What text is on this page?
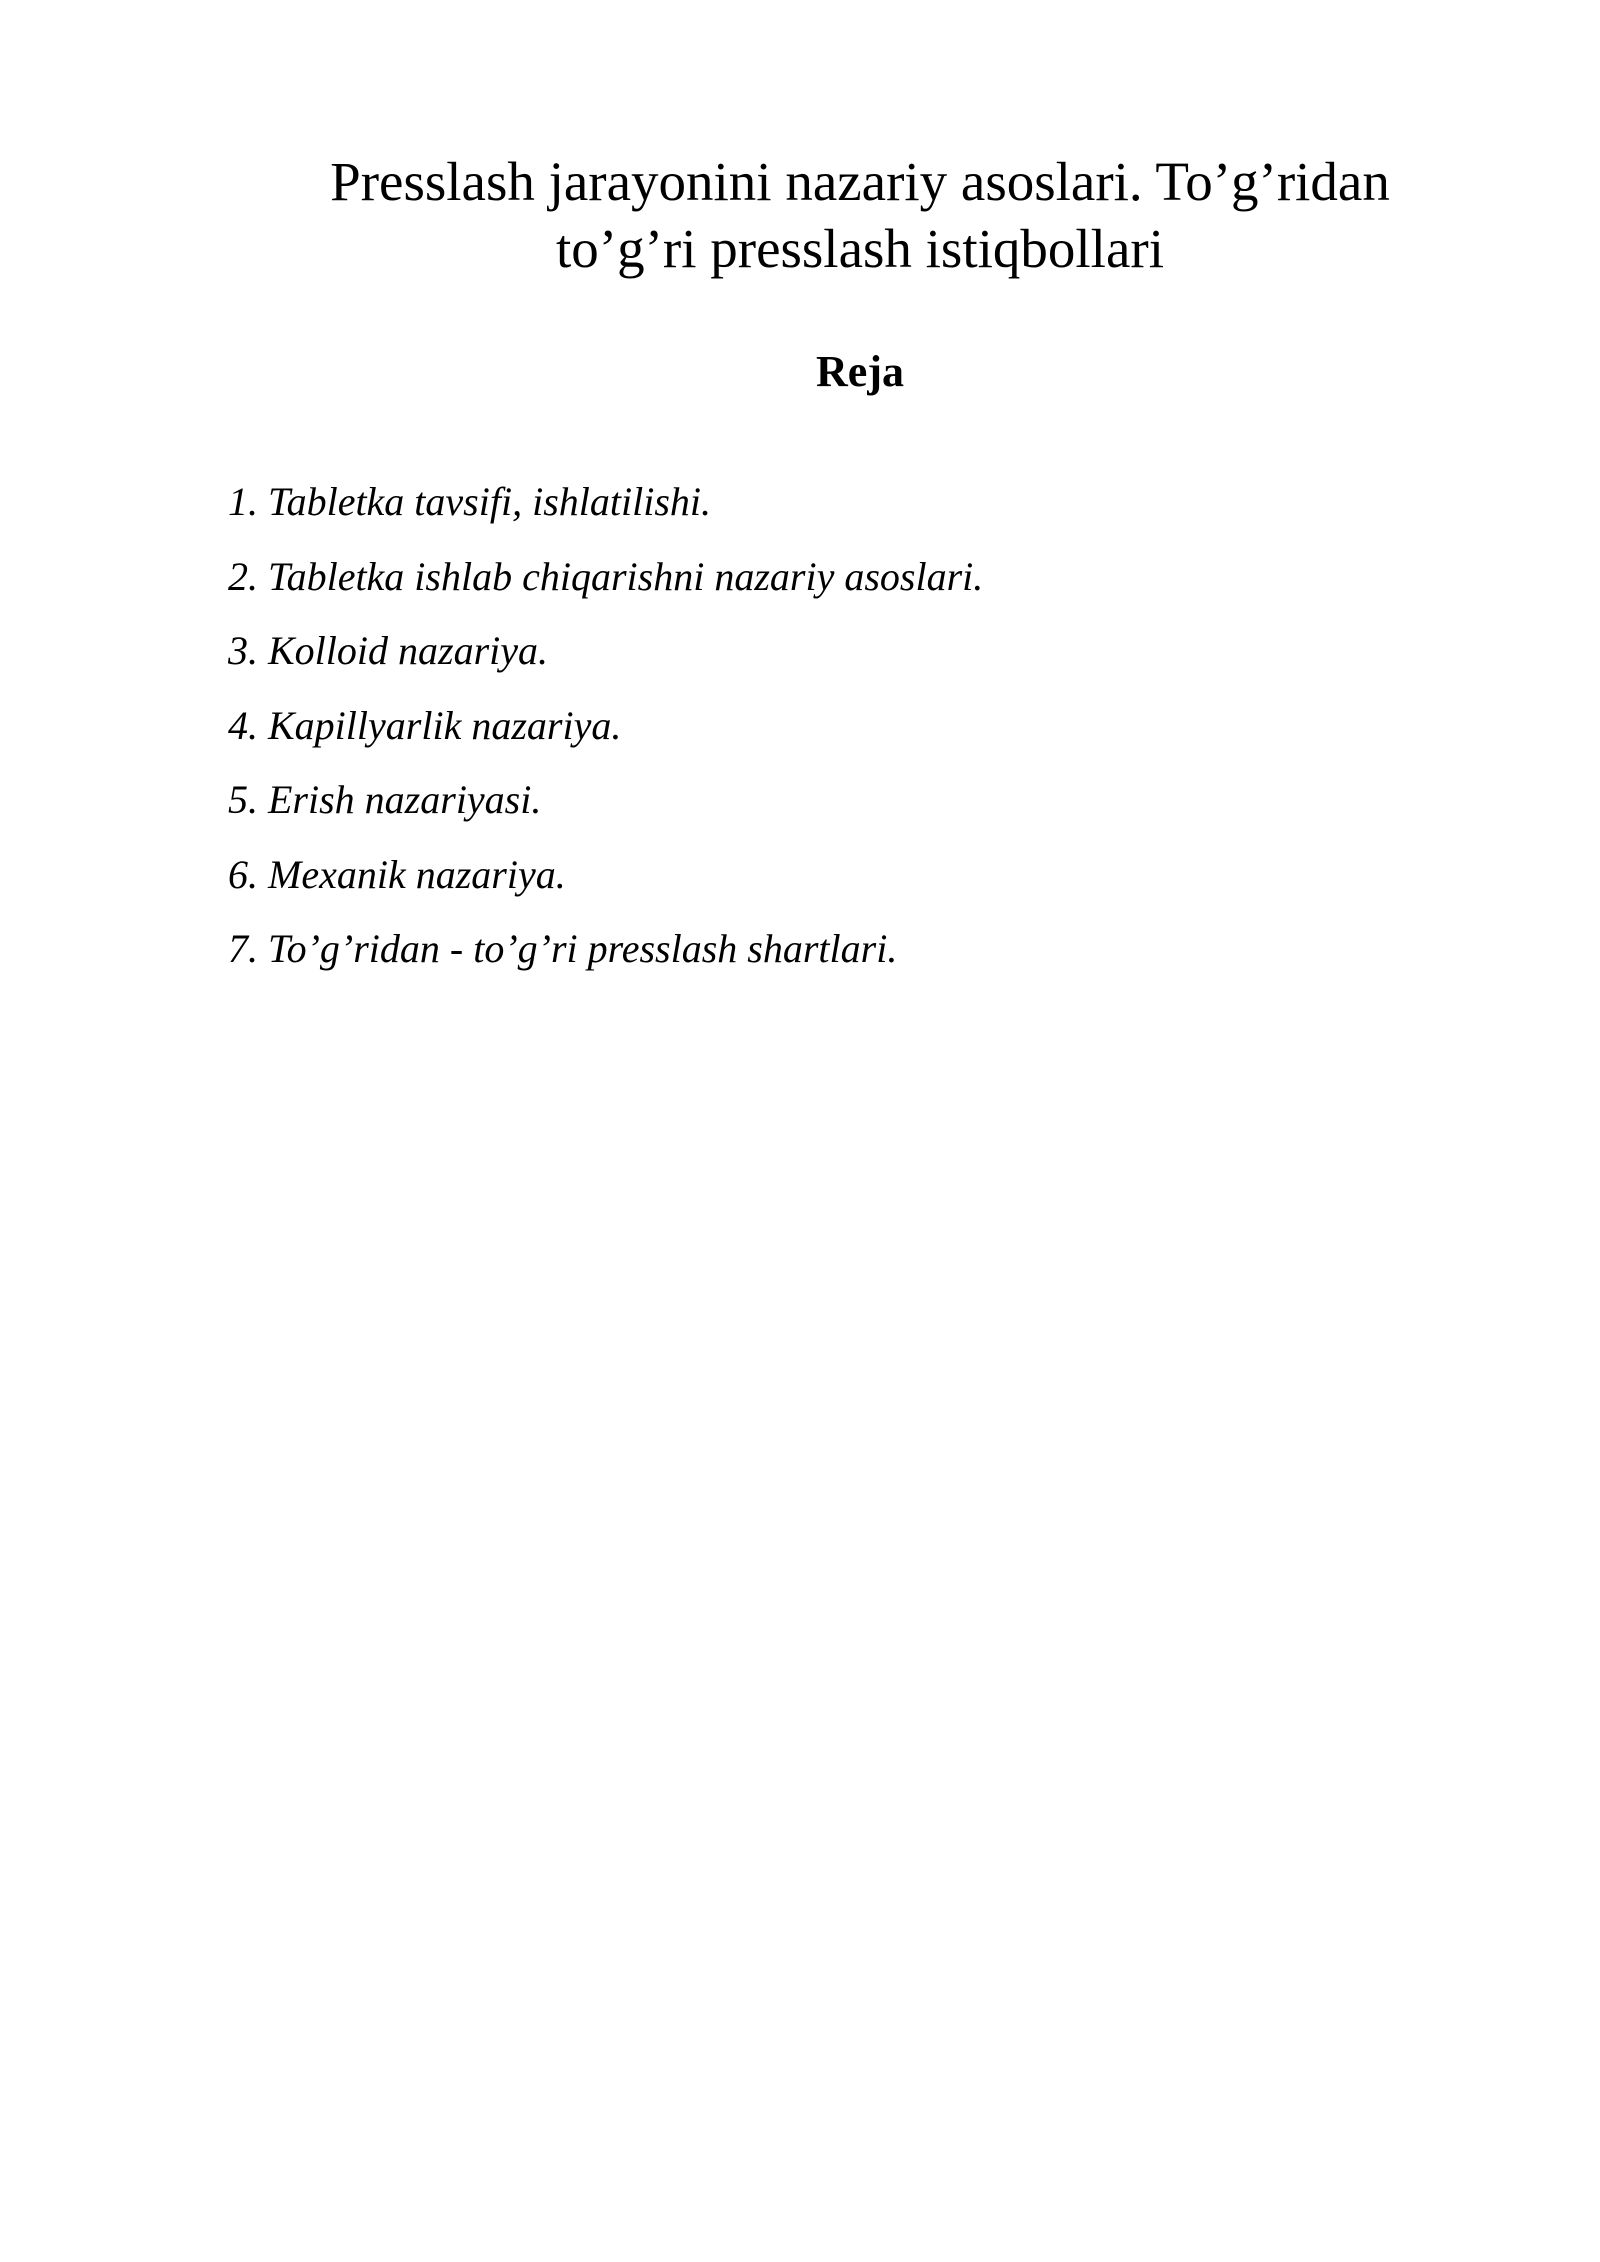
Presslash jarayonini nazariy asoslari. To’g’ridan
to’g’ri presslash istiqbollari
Reja
1. Tabletka tavsifi, ishlatilishi.
2. Tabletka ishlab chiqarishni nazariy asoslari.
3. Kolloid nazariya.
4. Kapillyarlik nazariya.
5. Erish nazariyasi.
6. Mexanik nazariya.
7. To’g’ridan - to’g’ri presslash shartlari.
